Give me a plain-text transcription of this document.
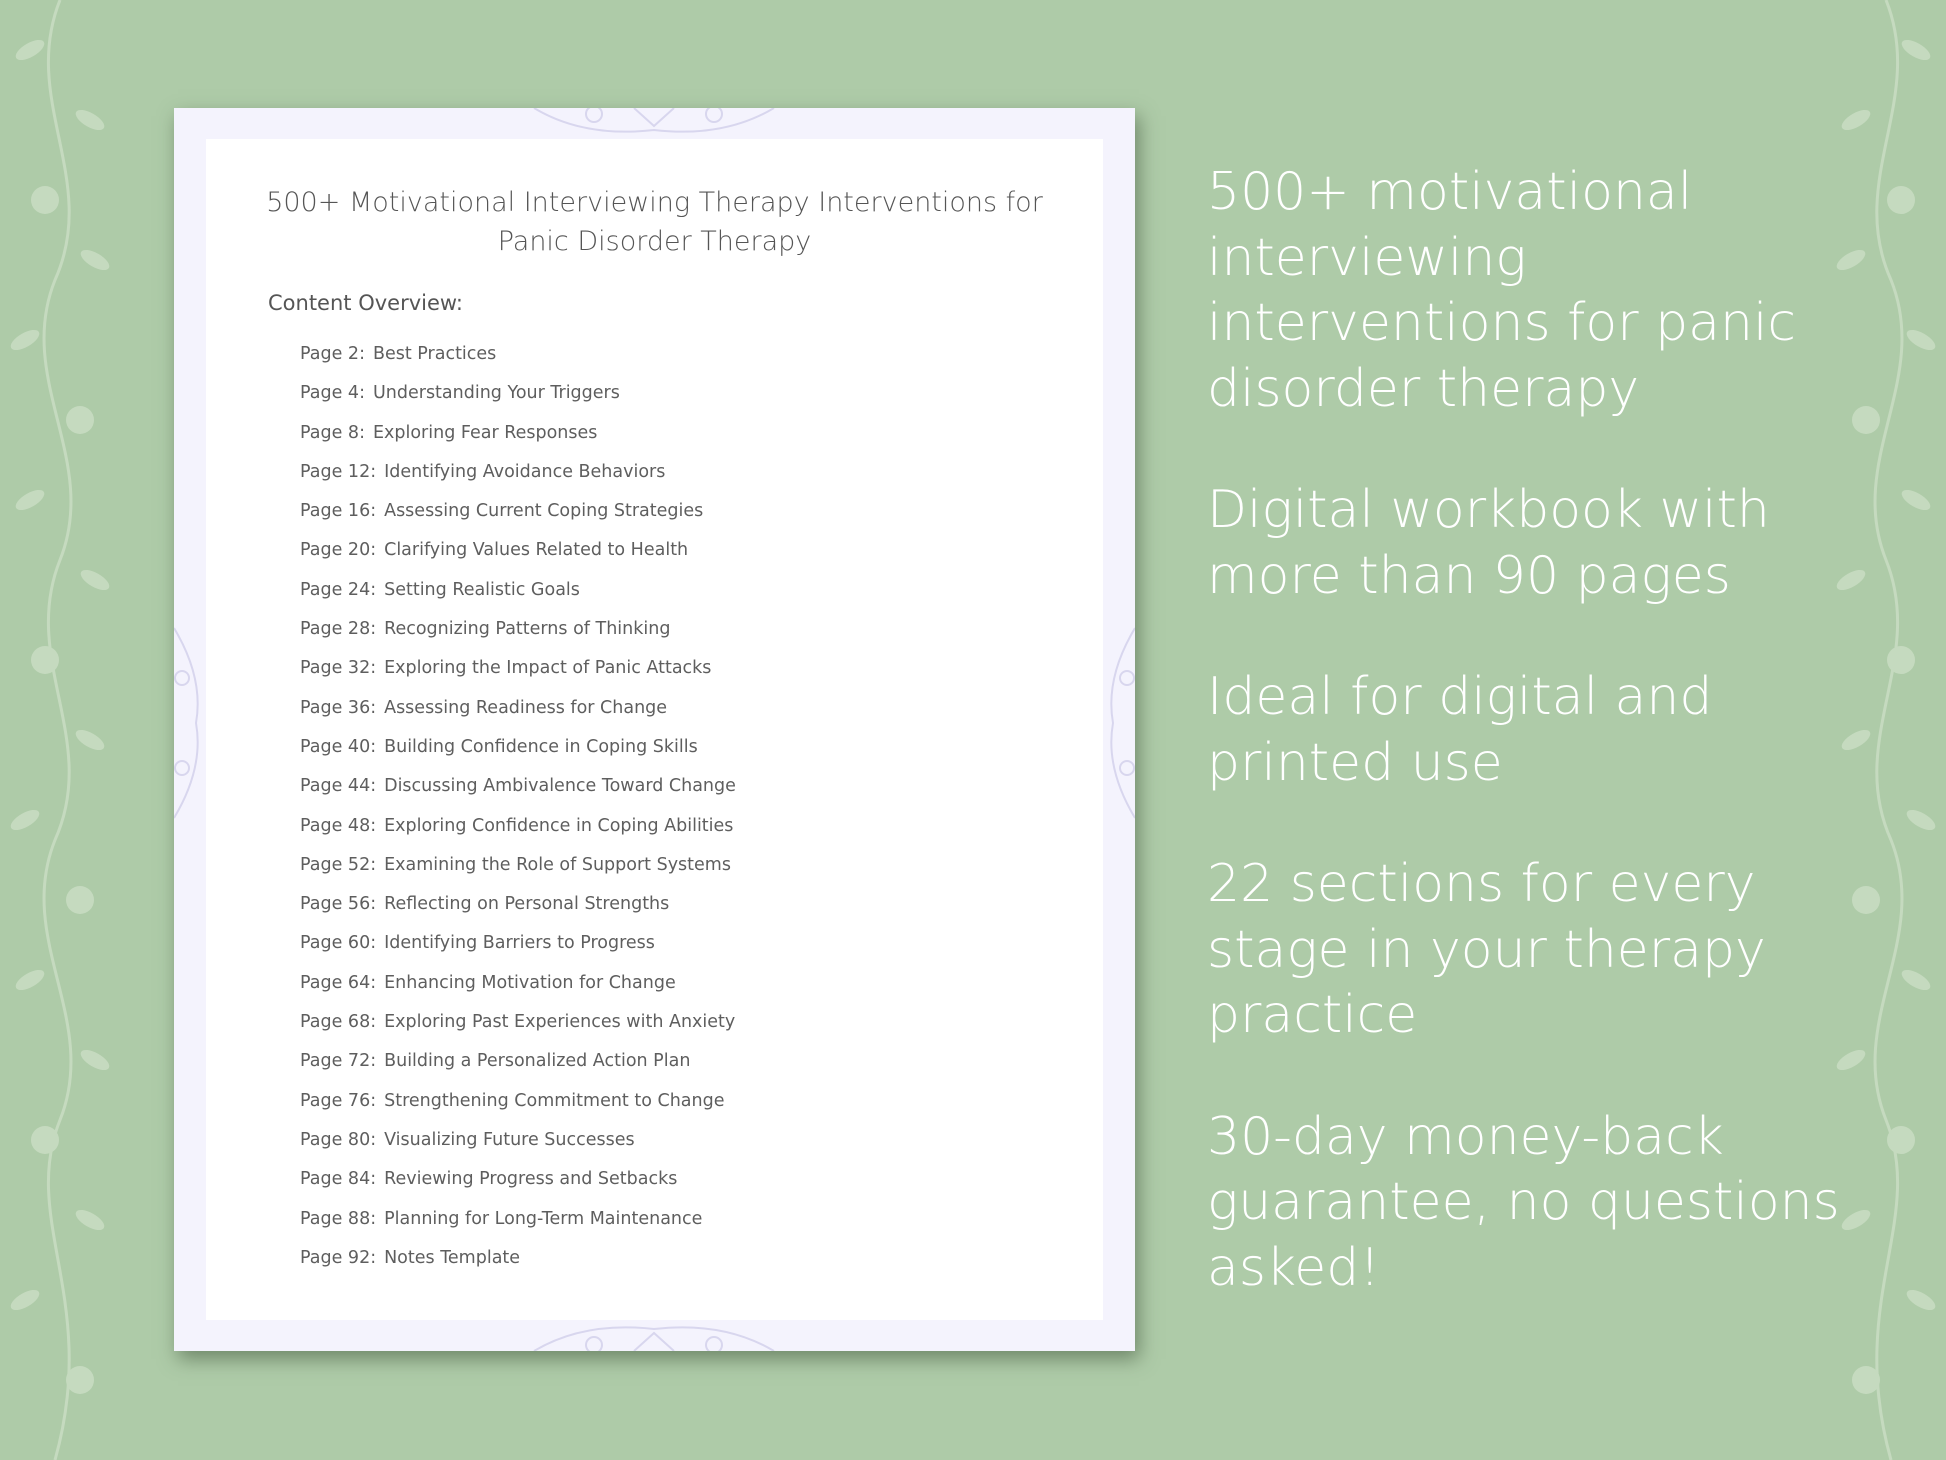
500+ Motivational Interviewing Therapy Interventions for Panic Disorder Therapy
Content Overview:
Page 2: Best Practices
Page 4: Understanding Your Triggers
Page 8: Exploring Fear Responses
Page 12: Identifying Avoidance Behaviors
Page 16: Assessing Current Coping Strategies
Page 20: Clarifying Values Related to Health
Page 24: Setting Realistic Goals
Page 28: Recognizing Patterns of Thinking
Page 32: Exploring the Impact of Panic Attacks
Page 36: Assessing Readiness for Change
Page 40: Building Confidence in Coping Skills
Page 44: Discussing Ambivalence Toward Change
Page 48: Exploring Confidence in Coping Abilities
Page 52: Examining the Role of Support Systems
Page 56: Reflecting on Personal Strengths
Page 60: Identifying Barriers to Progress
Page 64: Enhancing Motivation for Change
Page 68: Exploring Past Experiences with Anxiety
Page 72: Building a Personalized Action Plan
Page 76: Strengthening Commitment to Change
Page 80: Visualizing Future Successes
Page 84: Reviewing Progress and Setbacks
Page 88: Planning for Long-Term Maintenance
Page 92: Notes Template
500+ motivational interviewing interventions for panic disorder therapy
Digital workbook with more than 90 pages
Ideal for digital and printed use
22 sections for every stage in your therapy practice
30-day money-back guarantee, no questions asked!
